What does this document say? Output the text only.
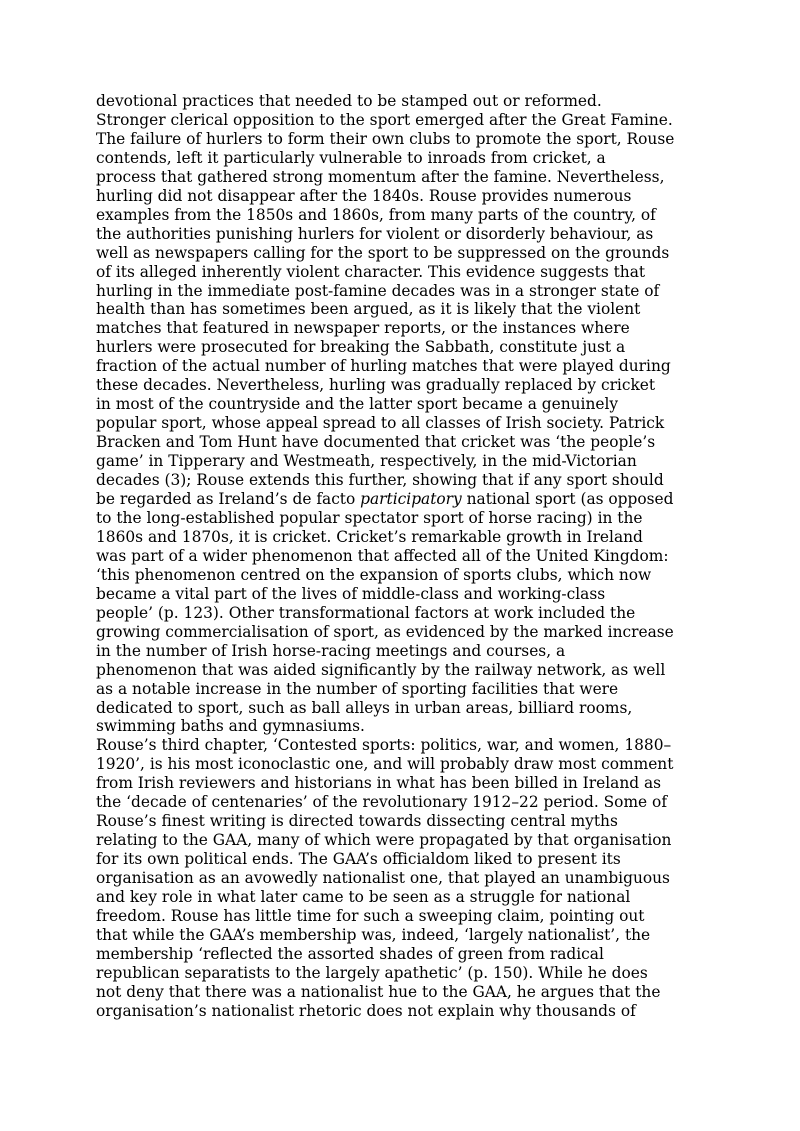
devotional practices that needed to be stamped out or reformed.
Stronger clerical opposition to the sport emerged after the Great Famine.
The failure of hurlers to form their own clubs to promote the sport, Rouse
contends, left it particularly vulnerable to inroads from cricket, a
process that gathered strong momentum after the famine. Nevertheless,
hurling did not disappear after the 1840s. Rouse provides numerous
examples from the 1850s and 1860s, from many parts of the country, of
the authorities punishing hurlers for violent or disorderly behaviour, as
well as newspapers calling for the sport to be suppressed on the grounds
of its alleged inherently violent character. This evidence suggests that
hurling in the immediate post-famine decades was in a stronger state of
health than has sometimes been argued, as it is likely that the violent
matches that featured in newspaper reports, or the instances where
hurlers were prosecuted for breaking the Sabbath, constitute just a
fraction of the actual number of hurling matches that were played during
these decades. Nevertheless, hurling was gradually replaced by cricket
in most of the countryside and the latter sport became a genuinely
popular sport, whose appeal spread to all classes of Irish society. Patrick
Bracken and Tom Hunt have documented that cricket was ‘the people’s
game’ in Tipperary and Westmeath, respectively, in the mid-Victorian
decades (3); Rouse extends this further, showing that if any sport should
be regarded as Ireland’s de facto participatory national sport (as opposed
to the long-established popular spectator sport of horse racing) in the
1860s and 1870s, it is cricket. Cricket’s remarkable growth in Ireland
was part of a wider phenomenon that affected all of the United Kingdom:
‘this phenomenon centred on the expansion of sports clubs, which now
became a vital part of the lives of middle-class and working-class
people’ (p. 123). Other transformational factors at work included the
growing commercialisation of sport, as evidenced by the marked increase
in the number of Irish horse-racing meetings and courses, a
phenomenon that was aided significantly by the railway network, as well
as a notable increase in the number of sporting facilities that were
dedicated to sport, such as ball alleys in urban areas, billiard rooms,
swimming baths and gymnasiums.
Rouse’s third chapter, ‘Contested sports: politics, war, and women, 1880–
1920’, is his most iconoclastic one, and will probably draw most comment
from Irish reviewers and historians in what has been billed in Ireland as
the ‘decade of centenaries’ of the revolutionary 1912–22 period. Some of
Rouse’s finest writing is directed towards dissecting central myths
relating to the GAA, many of which were propagated by that organisation
for its own political ends. The GAA’s officialdom liked to present its
organisation as an avowedly nationalist one, that played an unambiguous
and key role in what later came to be seen as a struggle for national
freedom. Rouse has little time for such a sweeping claim, pointing out
that while the GAA’s membership was, indeed, ‘largely nationalist’, the
membership ‘reflected the assorted shades of green from radical
republican separatists to the largely apathetic’ (p. 150). While he does
not deny that there was a nationalist hue to the GAA, he argues that the
organisation’s nationalist rhetoric does not explain why thousands of
